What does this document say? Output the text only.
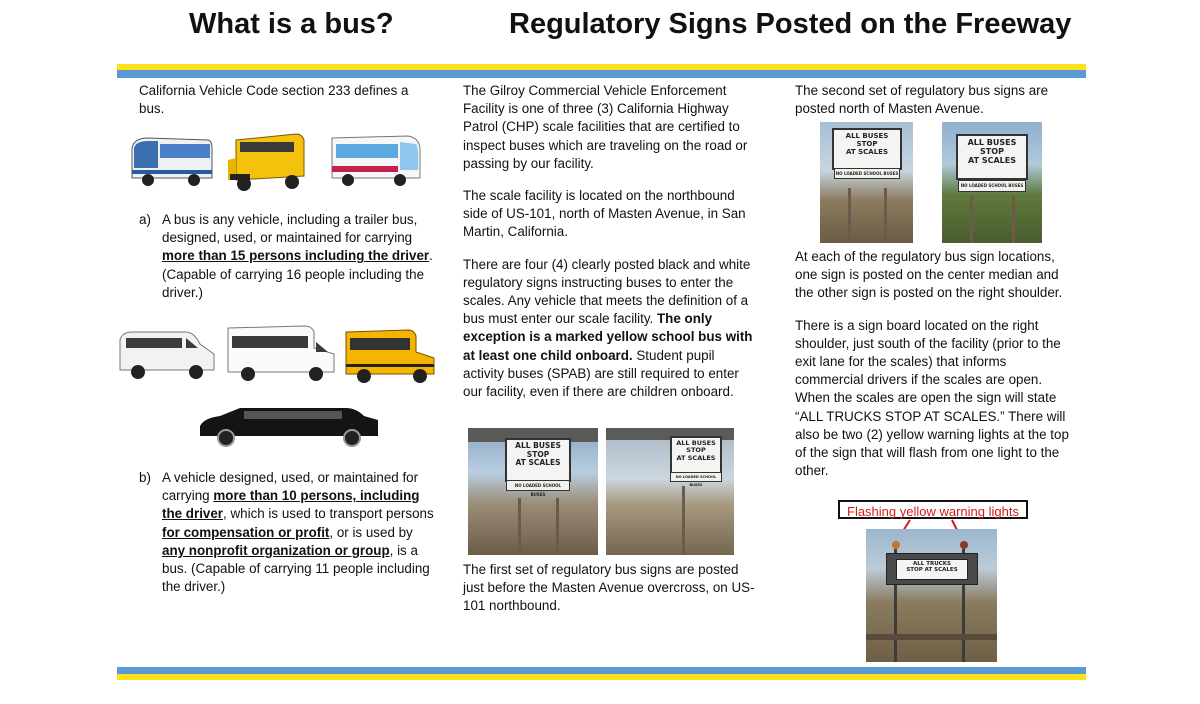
What is a bus?	Regulatory Signs Posted on the Freeway
California Vehicle Code section 233 defines a bus.
a) A bus is any vehicle, including a trailer bus, designed, used, or maintained for carrying more than 15 persons including the driver. (Capable of carrying 16 people including the driver.)
b) A vehicle designed, used, or maintained for carrying more than 10 persons, including the driver, which is used to transport persons for compensation or profit, or is used by any nonprofit organization or group, is a bus. (Capable of carrying 11 people including the driver.)

The Gilroy Commercial Vehicle Enforcement Facility is one of three (3) California Highway Patrol (CHP) scale facilities that are certified to inspect buses which are traveling on the road or passing by our facility.

The scale facility is located on the northbound side of US-101, north of Masten Avenue, in San Martin, California.

There are four (4) clearly posted black and white regulatory signs instructing buses to enter the scales. Any vehicle that meets the definition of a bus must enter our scale facility. The only exception is a marked yellow school bus with at least one child onboard. Student pupil activity buses (SPAB) are still required to enter our facility, even if there are children onboard.

ALL BUSES
STOP
AT SCALES
NO LOADED SCHOOL BUSES
ALL BUSES
STOP
AT SCALES
NO LOADED SCHOOL BUSES
The first set of regulatory bus signs are posted just before the Masten Avenue overcross, on US-101 northbound.
The second set of regulatory bus signs are posted north of Masten Avenue.
ALL BUSES
STOP
AT SCALES
NO LOADED SCHOOL BUSES
ALL BUSES
STOP
AT SCALES
NO LOADED SCHOOL BUSES

At each of the regulatory bus sign locations, one sign is posted on the center median and the other sign is posted on the right shoulder.

There is a sign board located on the right shoulder, just south of the facility (prior to the exit lane for the scales) that informs commercial drivers if the scales are open. When the scales are open the sign will state “ALL TRUCKS STOP AT SCALES.” There will also be two (2) yellow warning lights at the top of the sign that will flash from one light to the other.

Flashing yellow warning lights
ALL TRUCKS
STOP AT SCALES
